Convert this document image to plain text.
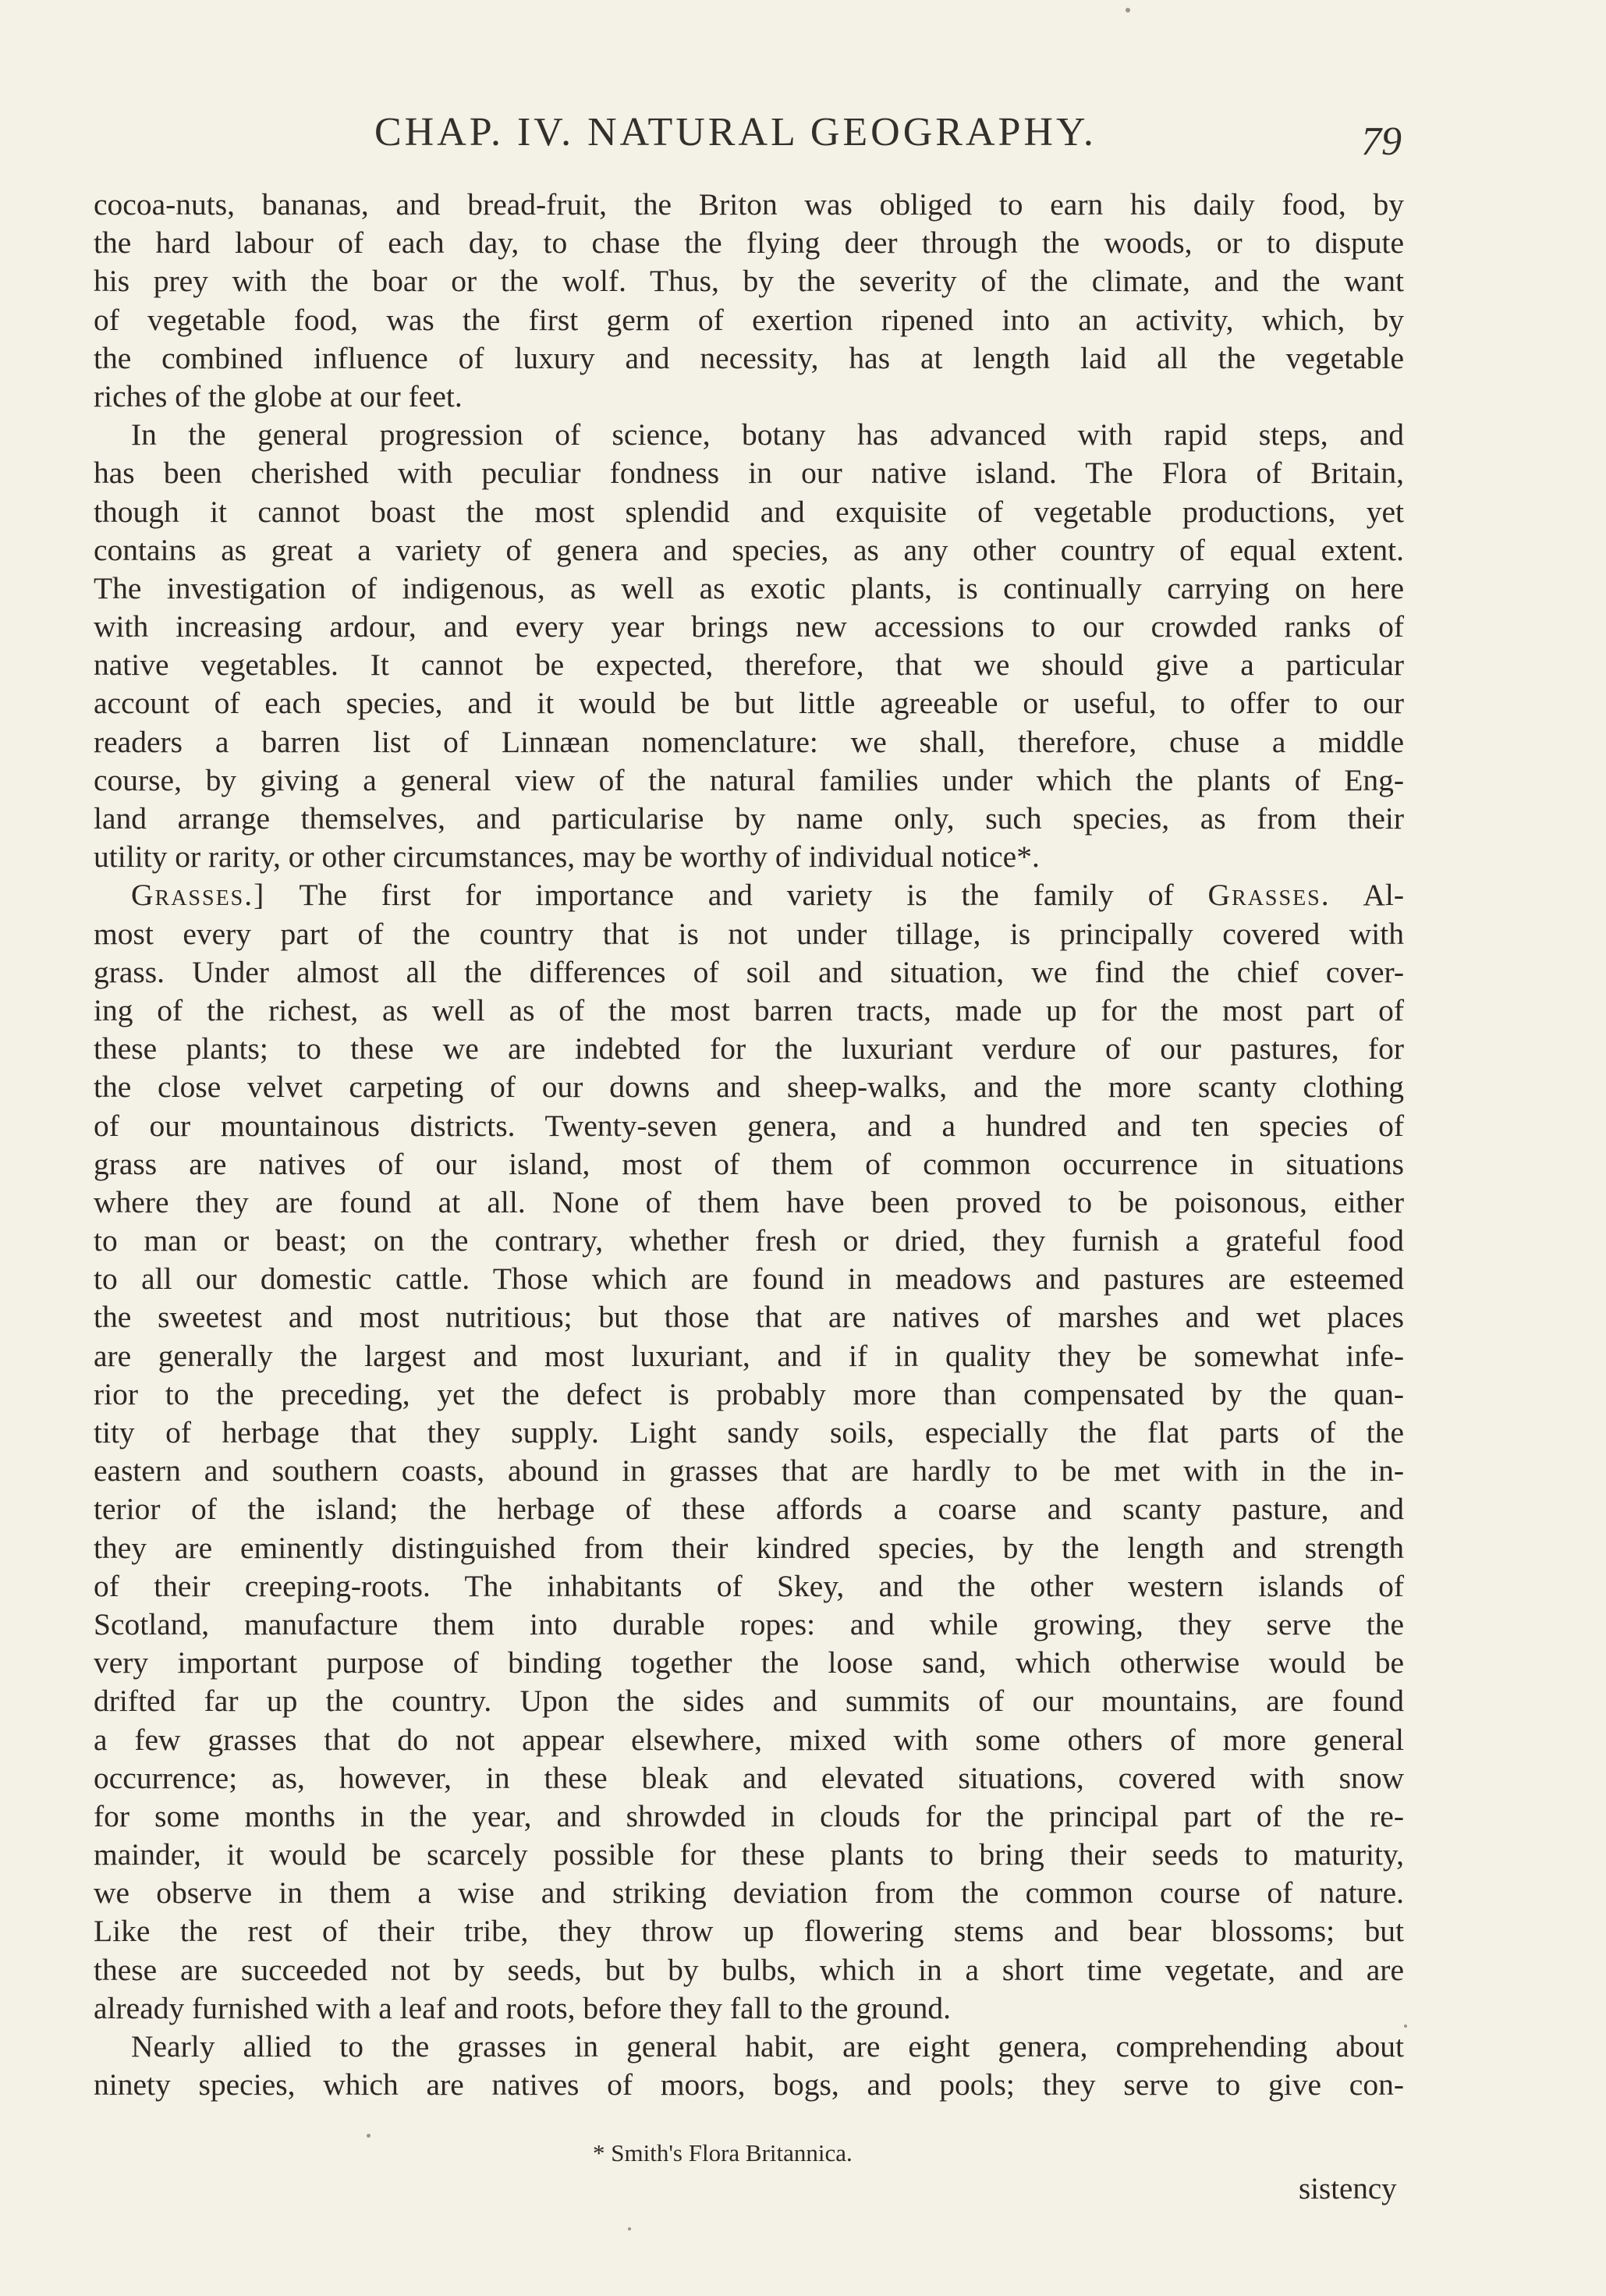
CHAP. IV. NATURAL GEOGRAPHY.	79
cocoa-nuts, bananas, and bread-fruit, the Briton was obliged to earn his daily food, by
the hard labour of each day, to chase the flying deer through the woods, or to dispute
his prey with the boar or the wolf. Thus, by the severity of the climate, and the want
of vegetable food, was the first germ of exertion ripened into an activity, which, by
the combined influence of luxury and necessity, has at length laid all the vegetable
riches of the globe at our feet.
In the general progression of science, botany has advanced with rapid steps, and
has been cherished with peculiar fondness in our native island. The Flora of Britain,
though it cannot boast the most splendid and exquisite of vegetable productions, yet
contains as great a variety of genera and species, as any other country of equal extent.
The investigation of indigenous, as well as exotic plants, is continually carrying on here
with increasing ardour, and every year brings new accessions to our crowded ranks of
native vegetables. It cannot be expected, therefore, that we should give a particular
account of each species, and it would be but little agreeable or useful, to offer to our
readers a barren list of Linnæan nomenclature: we shall, therefore, chuse a middle
course, by giving a general view of the natural families under which the plants of Eng-
land arrange themselves, and particularise by name only, such species, as from their
utility or rarity, or other circumstances, may be worthy of individual notice*.
Grasses.] The first for importance and variety is the family of Grasses. Al-
most every part of the country that is not under tillage, is principally covered with
grass. Under almost all the differences of soil and situation, we find the chief cover-
ing of the richest, as well as of the most barren tracts, made up for the most part of
these plants; to these we are indebted for the luxuriant verdure of our pastures, for
the close velvet carpeting of our downs and sheep-walks, and the more scanty clothing
of our mountainous districts. Twenty-seven genera, and a hundred and ten species of
grass are natives of our island, most of them of common occurrence in situations
where they are found at all. None of them have been proved to be poisonous, either
to man or beast; on the contrary, whether fresh or dried, they furnish a grateful food
to all our domestic cattle. Those which are found in meadows and pastures are esteemed
the sweetest and most nutritious; but those that are natives of marshes and wet places
are generally the largest and most luxuriant, and if in quality they be somewhat infe-
rior to the preceding, yet the defect is probably more than compensated by the quan-
tity of herbage that they supply. Light sandy soils, especially the flat parts of the
eastern and southern coasts, abound in grasses that are hardly to be met with in the in-
terior of the island; the herbage of these affords a coarse and scanty pasture, and
they are eminently distinguished from their kindred species, by the length and strength
of their creeping-roots. The inhabitants of Skey, and the other western islands of
Scotland, manufacture them into durable ropes: and while growing, they serve the
very important purpose of binding together the loose sand, which otherwise would be
drifted far up the country. Upon the sides and summits of our mountains, are found
a few grasses that do not appear elsewhere, mixed with some others of more general
occurrence; as, however, in these bleak and elevated situations, covered with snow
for some months in the year, and shrowded in clouds for the principal part of the re-
mainder, it would be scarcely possible for these plants to bring their seeds to maturity,
we observe in them a wise and striking deviation from the common course of nature.
Like the rest of their tribe, they throw up flowering stems and bear blossoms; but
these are succeeded not by seeds, but by bulbs, which in a short time vegetate, and are
already furnished with a leaf and roots, before they fall to the ground.
Nearly allied to the grasses in general habit, are eight genera, comprehending about
ninety species, which are natives of moors, bogs, and pools; they serve to give con-
* Smith's Flora Britannica.
sistency
